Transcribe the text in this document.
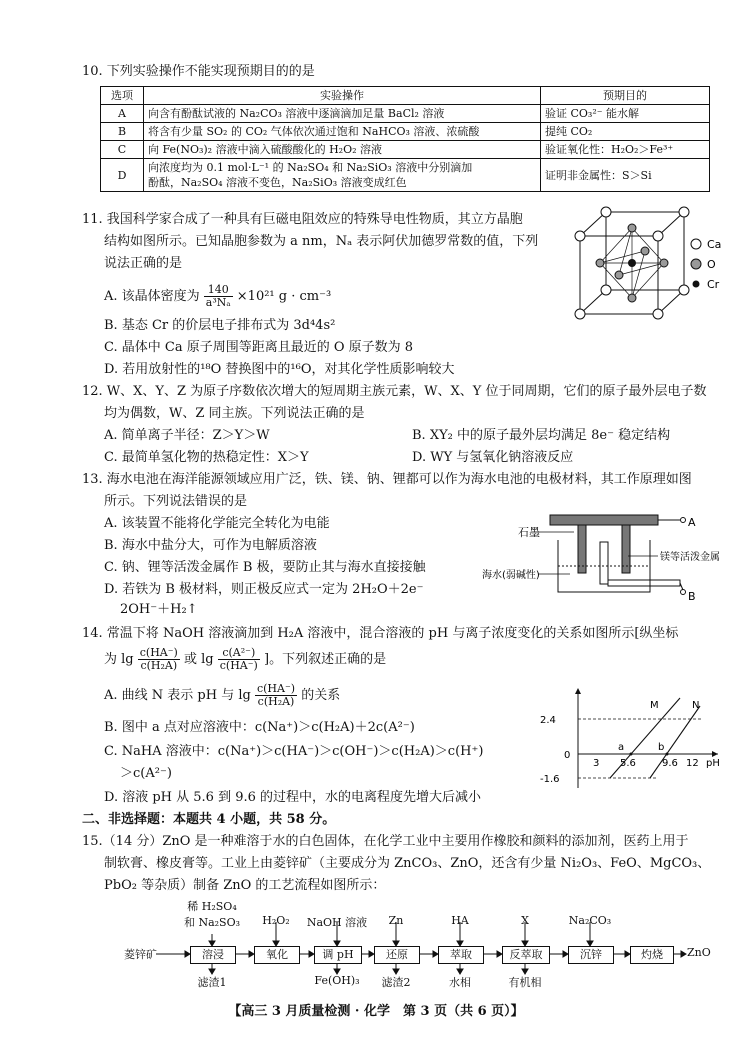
10. 下列实验操作不能实现预期目的的是
选项	实验操作	预期目的
A	向含有酚酞试液的 Na₂CO₃ 溶液中逐滴滴加足量 BaCl₂ 溶液	验证 CO₃²⁻ 能水解
B	将含有少量 SO₂ 的 CO₂ 气体依次通过饱和 NaHCO₃ 溶液、浓硫酸	提纯 CO₂
C	向 Fe(NO₃)₂ 溶液中滴入硫酸酸化的 H₂O₂ 溶液	验证氧化性：H₂O₂＞Fe³⁺
D	向浓度均为 0.1 mol·L⁻¹ 的 Na₂SO₄ 和 Na₂SiO₃ 溶液中分别滴加
酚酞，Na₂SO₄ 溶液不变色，Na₂SiO₃ 溶液变成红色	证明非金属性：S＞Si
11. 我国科学家合成了一种具有巨磁电阻效应的特殊导电性物质，其立方晶胞
结构如图所示。已知晶胞参数为 a nm，Nₐ 表示阿伏加德罗常数的值，下列
说法正确的是
A. 该晶体密度为 $\frac{140}{\text{a³Nₐ}} \times 10^{21}$ g · cm⁻³
B. 基态 Cr 的价层电子排布式为 3d⁴4s²
C. 晶体中 Ca 原子周围等距离且最近的 O 原子数为 8
D. 若用放射性的¹⁸O 替换图中的¹⁶O，对其化学性质影响较大
Ca
O
Cr
12. W、X、Y、Z 为原子序数依次增大的短周期主族元素，W、X、Y 位于同周期，它们的原子最外层电子数
均为偶数，W、Z 同主族。下列说法正确的是
A. 简单离子半径：Z＞Y＞W	B. XY₂ 中的原子最外层均满足 8e⁻ 稳定结构
C. 最简单氢化物的热稳定性：X＞Y	D. WY 与氢氧化钠溶液反应
13. 海水电池在海洋能源领域应用广泛，铁、镁、钠、锂都可以作为海水电池的电极材料，其工作原理如图
所示。下列说法错误的是
A. 该装置不能将化学能完全转化为电能
B. 海水中盐分大，可作为电解质溶液
C. 钠、锂等活泼金属作 B 极，要防止其与海水直接接触
D. 若铁为 B 极材料，则正极反应式一定为 2H₂O＋2e⁻
2OH⁻＋H₂↑
石墨
镁等活泼金属
海水(弱碱性)
A
B
14. 常温下将 NaOH 溶液滴加到 H₂A 溶液中，混合溶液的 pH 与离子浓度变化的关系如图所示[纵坐标
为 $\lg \frac{c(HA^-)}{\text{c(H₂A)}}$ 或 $\lg \frac{\text{c(A²⁻)}}{c(HA^-)}$ ]。下列叙述正确的是
A. 曲线 N 表示 pH 与 $\lg \frac{c(HA^-)}{\text{c(H₂A)}}$ 的关系
B. 图中 a 点对应溶液中：c(Na⁺)＞c(H₂A)＋2c(A²⁻)
C. NaHA 溶液中：c(Na⁺)＞c(HA⁻)＞c(OH⁻)＞c(H₂A)＞c(H⁺)
＞c(A²⁻)
D. 溶液 pH 从 5.6 到 9.6 的过程中，水的电离程度先增大后减小
2.4
0
-1.6
3 5.6	9.6 12 pH
M	N
a	b
二、非选择题：本题共 4 小题，共 58 分。
15.（14 分）ZnO 是一种难溶于水的白色固体，在化学工业中主要用作橡胶和颜料的添加剂，医药上用于
制软膏、橡皮膏等。工业上由菱锌矿（主要成分为 ZnCO₃、ZnO，还含有少量 Ni₂O₃、FeO、MgCO₃、
PbO₂ 等杂质）制备 ZnO 的工艺流程如图所示：
菱锌矿	溶浸	氧化	调 pH	还原	萃取	反萃取	沉锌	灼烧	ZnO
稀 H₂SO₄
和 Na₂SO₃	H₂O₂	NaOH 溶液	Zn	HA	X	Na₂CO₃
滤渣1	Fe(OH)₃	滤渣2	水相	有机相
【高三 3 月质量检测 · 化学　第 3 页（共 6 页）】
